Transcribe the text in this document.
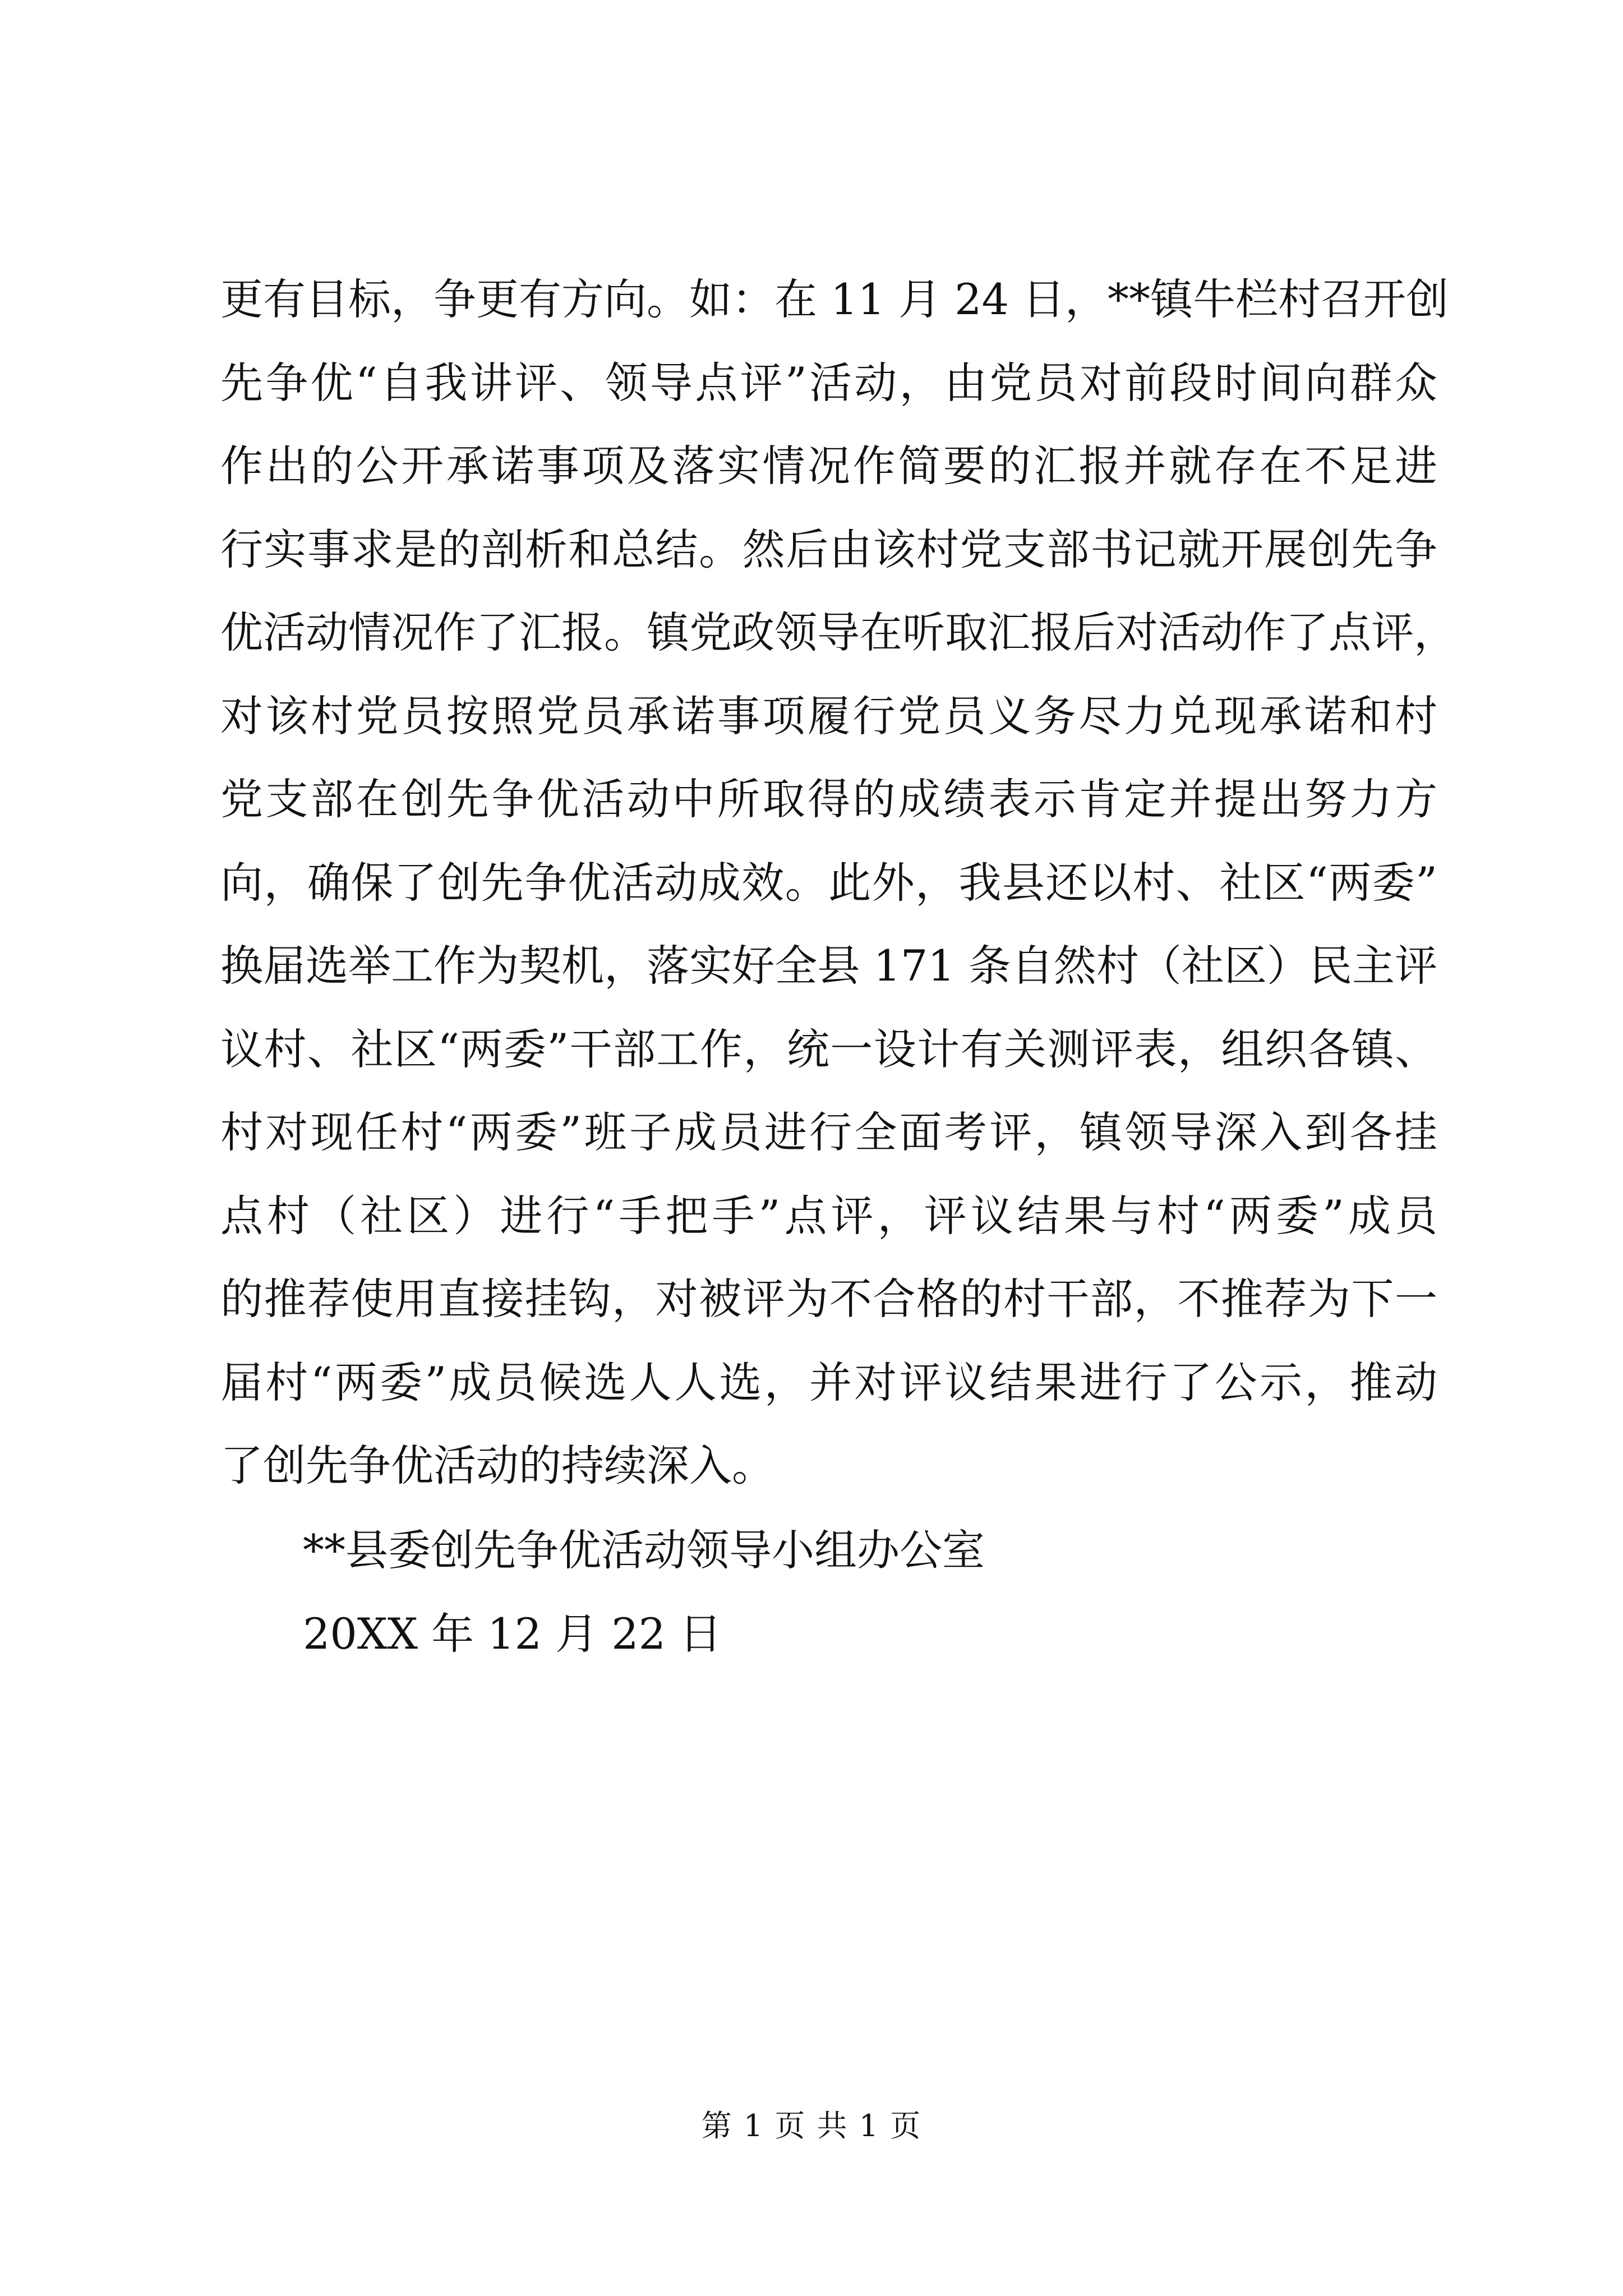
更有目标，争更有方向。如：在 11 月 24 日，**镇牛栏村召开创
先争优“自我讲评、领导点评”活动，由党员对前段时间向群众
作出的公开承诺事项及落实情况作简要的汇报并就存在不足进
行实事求是的剖析和总结。然后由该村党支部书记就开展创先争
优活动情况作了汇报。镇党政领导在听取汇报后对活动作了点评，
对该村党员按照党员承诺事项履行党员义务尽力兑现承诺和村
党支部在创先争优活动中所取得的成绩表示肯定并提出努力方
向，确保了创先争优活动成效。此外，我县还以村、社区“两委”
换届选举工作为契机，落实好全县 171 条自然村（社区）民主评
议村、社区“两委”干部工作，统一设计有关测评表，组织各镇、
村对现任村“两委”班子成员进行全面考评，镇领导深入到各挂
点村（社区）进行“手把手”点评，评议结果与村“两委”成员
的推荐使用直接挂钩，对被评为不合格的村干部，不推荐为下一
届村“两委”成员候选人人选，并对评议结果进行了公示，推动
了创先争优活动的持续深入。
**县委创先争优活动领导小组办公室
20XX 年 12 月 22 日
第 1 页 共 1 页
